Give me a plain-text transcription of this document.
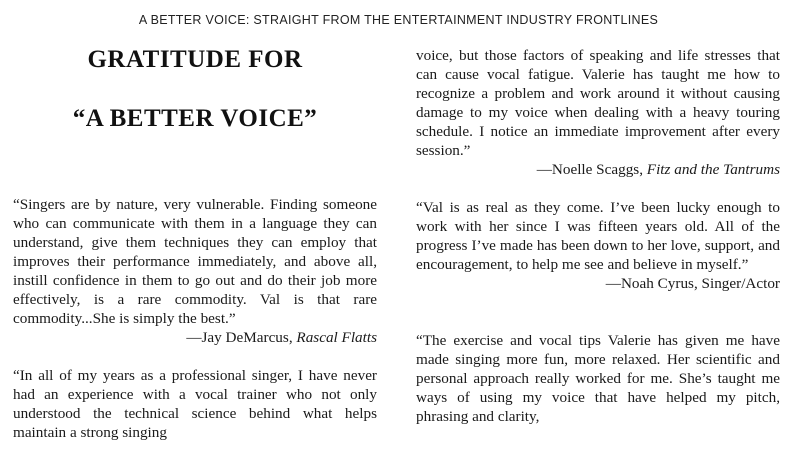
A BETTER VOICE: STRAIGHT FROM THE ENTERTAINMENT INDUSTRY FRONTLINES
GRATITUDE FOR
“A BETTER VOICE”

“Singers are by nature, very vulnerable. Finding someone who can communicate with them in a language they can understand, give them techniques they can employ that improves their performance immediately, and above all, instill confidence in them to go out and do their job more effectively, is a rare commodity. Val is that rare commodity...She is simply the best.”

—Jay DeMarcus, Rascal Flatts

“In all of my years as a professional singer, I have never had an experience with a vocal trainer who not only understood the technical science behind what helps maintain a strong singing

voice, but those factors of speaking and life stresses that can cause vocal fatigue. Valerie has taught me how to recognize a problem and work around it without causing damage to my voice when dealing with a heavy touring schedule. I notice an immediate improvement after every session.”

—Noelle Scaggs, Fitz and the Tantrums

“Val is as real as they come. I’ve been lucky enough to work with her since I was fifteen years old. All of the progress I’ve made has been down to her love, support, and encouragement, to help me see and believe in myself.”

—Noah Cyrus, Singer/Actor

“The exercise and vocal tips Valerie has given me have made singing more fun, more relaxed. Her scientific and personal approach really worked for me. She’s taught me ways of using my voice that have helped my pitch, phrasing and clarity,
